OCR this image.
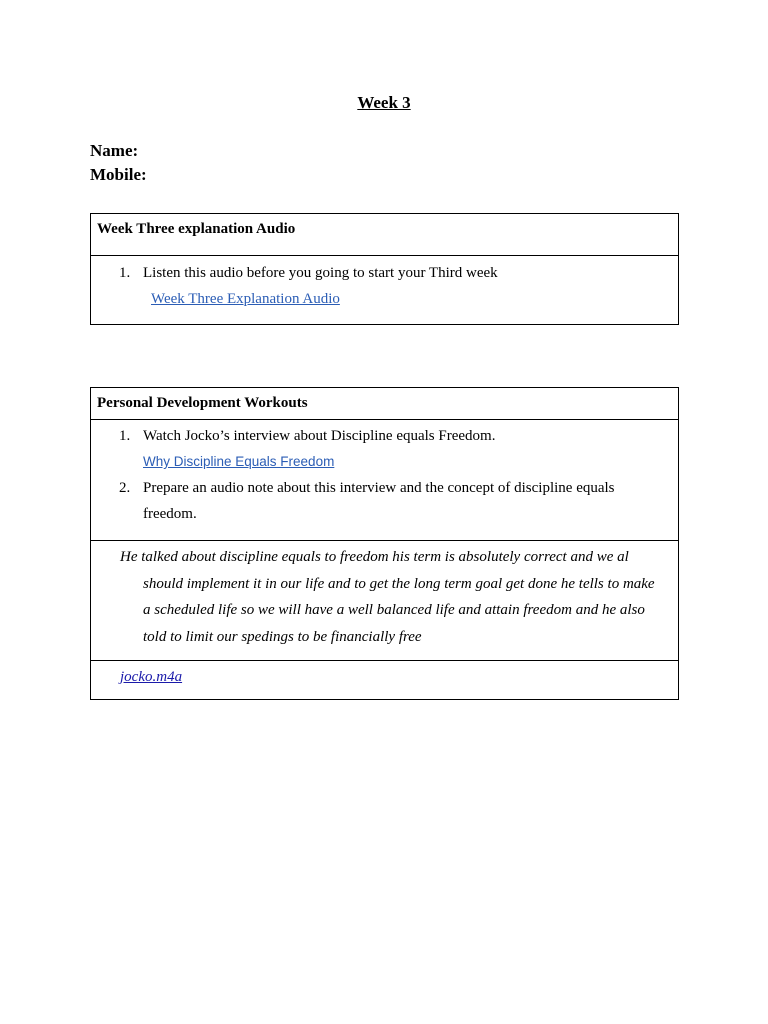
Week 3
Name:
Mobile:
Week Three explanation Audio

1. Listen this audio before you going to start your Third week
Week Three Explanation Audio
Personal Development Workouts

1. Watch Jocko’s interview about Discipline equals Freedom.
Why Discipline Equals Freedom
2. Prepare an audio note about this interview and the concept of discipline equals freedom.

He talked about discipline equals to freedom his term is absolutely correct and we al should implement it in our life and to get the long term goal get done he tells to make a scheduled life so we will have a well balanced life and attain freedom and he also told to limit our spedings to be financially free

jocko.m4a
